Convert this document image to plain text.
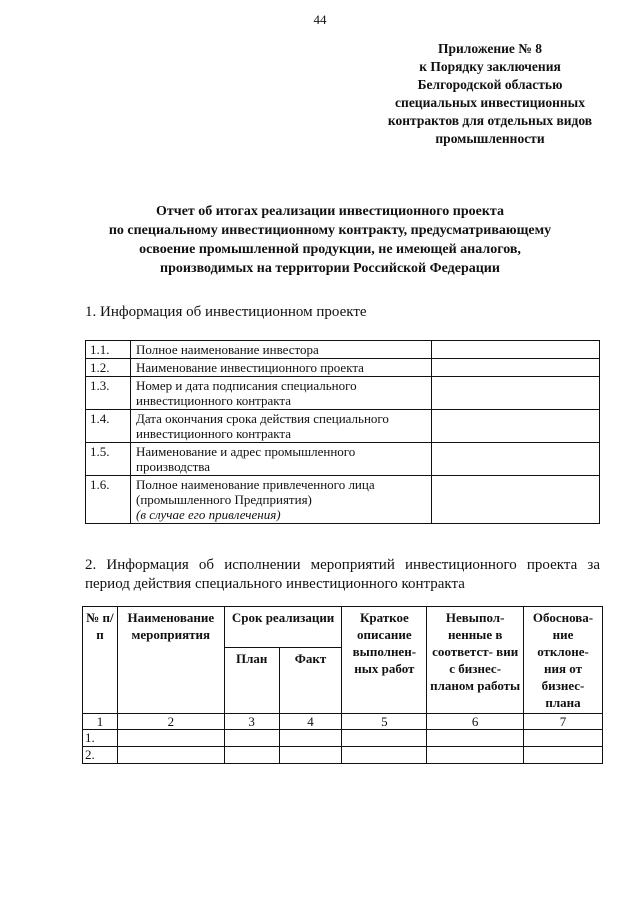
44
Приложение № 8
к Порядку заключения
Белгородской областью
специальных инвестиционных
контрактов для отдельных видов
промышленности
Отчет об итогах реализации инвестиционного проекта
по специальному инвестиционному контракту, предусматривающему
освоение промышленной продукции, не имеющей аналогов,
производимых на территории Российской Федерации
1. Информация об инвестиционном проекте
1.1.	Полное наименование инвестора	
1.2.	Наименование инвестиционного проекта	
1.3.	Номер и дата подписания специального инвестиционного контракта	
1.4.	Дата окончания срока действия специального инвестиционного контракта	
1.5.	Наименование и адрес промышленного производства	
1.6.	Полное наименование привлеченного лица (промышленного Предприятия)
(в случае его привлечения)	

2. Информация об исполнении мероприятий инвестиционного проекта за
период действия специального инвестиционного контракта
№ п/п	Наименование мероприятия	Срок реализации		Краткое описание выполнен- ных работ	Невыпол- ненные в соответст- вии с бизнес- планом работы	Обоснова- ние отклоне- ния от бизнес- плана
		План	Факт			
1	2	3	4	5	6	7
1.						
2.						
